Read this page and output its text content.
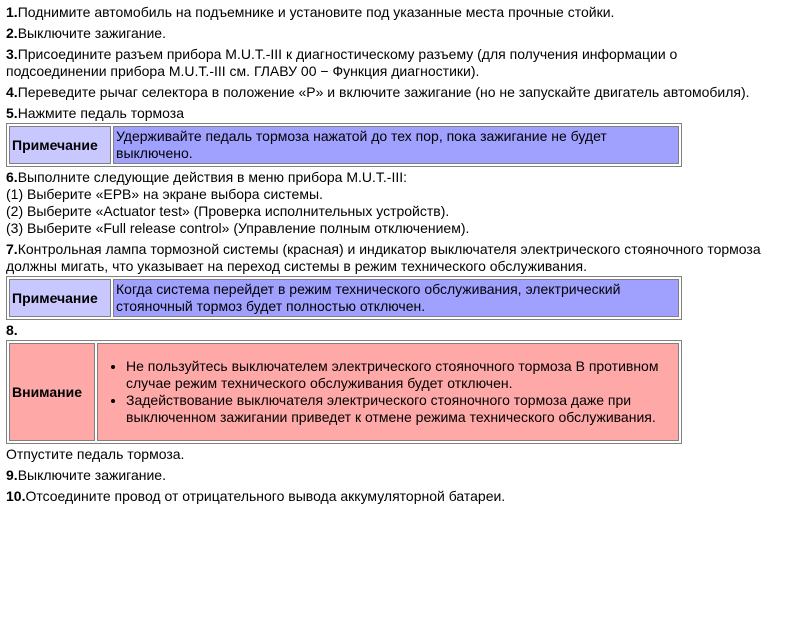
1.Поднимите автомобиль на подъемнике и установите под указанные места прочные стойки.
2.Выключите зажигание.
3.Присоедините разъем прибора M.U.T.-III к диагностическому разъему (для получения информации о подсоединении прибора M.U.T.-III см. ГЛАВУ 00 − Функция диагностики).
4.Переведите рычаг селектора в положение «P» и включите зажигание (но не запускайте двигатель автомобиля).
5.Нажмите педаль тормоза
Примечание	Удерживайте педаль тормоза нажатой до тех пор, пока зажигание не будет выключено.
6.Выполните следующие действия в меню прибора M.U.T.-III:
(1) Выберите «EPB» на экране выбора системы.
(2) Выберите «Actuator test» (Проверка исполнительных устройств).
(3) Выберите «Full release control» (Управление полным отключением).
7.Контрольная лампа тормозной системы (красная) и индикатор выключателя электрического стояночного тормоза должны мигать, что указывает на переход системы в режим технического обслуживания.
Примечание	Когда система перейдет в режим технического обслуживания, электрический стояночный тормоз будет полностью отключен.
8.
Внимание	
• Не пользуйтесь выключателем электрического стояночного тормоза В противном случае режим технического обслуживания будет отключен.
• Задействование выключателя электрического стояночного тормоза даже при выключенном зажигании приведет к отмене режима технического обслуживания.
Отпустите педаль тормоза.
9.Выключите зажигание.
10.Отсоедините провод от отрицательного вывода аккумуляторной батареи.
